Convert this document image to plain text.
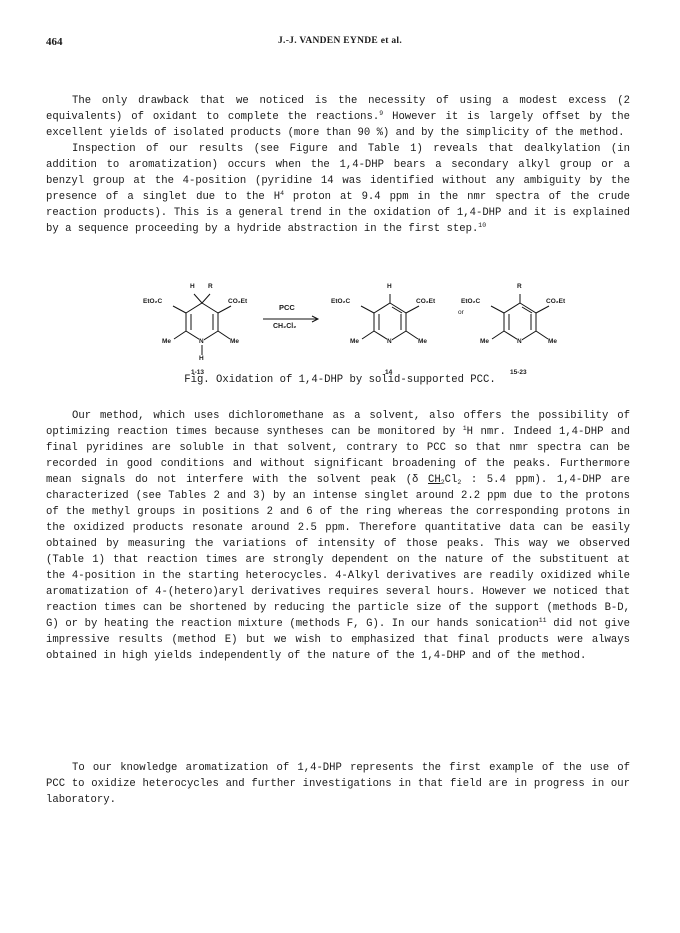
464	J.-J. VANDEN EYNDE et al.

The only drawback that we noticed is the necessity of using a modest excess (2 equivalents) of oxidant to complete the reactions.$^9$ However it is largely offset by the excellent yields of isolated products (more than 90 %) and by the simplicity of the method.

Inspection of our results (see Figure and Table 1) reveals that dealkylation (in addition to aromatization) occurs when the 1,4-DHP bears a secondary alkyl group or a benzyl group at the 4-position (pyridine 14 was identified without any ambiguity by the presence of a singlet due to the $H^4$ proton at 9.4 ppm in the nmr spectra of the crude reaction products). This is a general trend in the oxidation of 1,4-DHP and it is explained by a sequence proceeding by a hydride abstraction in the first step.$^{10}$

H R
EtO₂C	CO₂Et
Me	Me
N
H
1-13
PCC
CH₂Cl₂
H
EtO₂C	CO₂Et
Me	Me
N
14
or
R
EtO₂C	CO₂Et
Me	Me
N
15-23
Fig. Oxidation of 1,4-DHP by solid-supported PCC.

Our method, which uses dichloromethane as a solvent, also offers the possibility of optimizing reaction times because syntheses can be monitored by $^1$H nmr. Indeed 1,4-DHP and final pyridines are soluble in that solvent, contrary to PCC so that nmr spectra can be recorded in good conditions and without significant broadening of the peaks. Furthermore mean signals do not interfere with the solvent peak (δ $CH_2Cl_2$ : 5.4 ppm). 1,4-DHP are characterized (see Tables 2 and 3) by an intense singlet around 2.2 ppm due to the protons of the methyl groups in positions 2 and 6 of the ring whereas the corresponding protons in the oxidized products resonate around 2.5 ppm. Therefore quantitative data can be easily obtained by measuring the variations of intensity of those peaks. This way we observed (Table 1) that reaction times are strongly dependent on the nature of the substituent at the 4-position in the starting heterocycles. 4-Alkyl derivatives are readily oxidized while aromatization of 4-(hetero)aryl derivatives requires several hours. However we noticed that reaction times can be shortened by reducing the particle size of the support (methods B-D, G) or by heating the reaction mixture (methods F, G). In our hands sonication$^{11}$ did not give impressive results (method E) but we wish to emphasized that final products were always obtained in high yields independently of the nature of the 1,4-DHP and of the method.

To our knowledge aromatization of 1,4-DHP represents the first example of the use of PCC to oxidize heterocycles and further investigations in that field are in progress in our laboratory.
